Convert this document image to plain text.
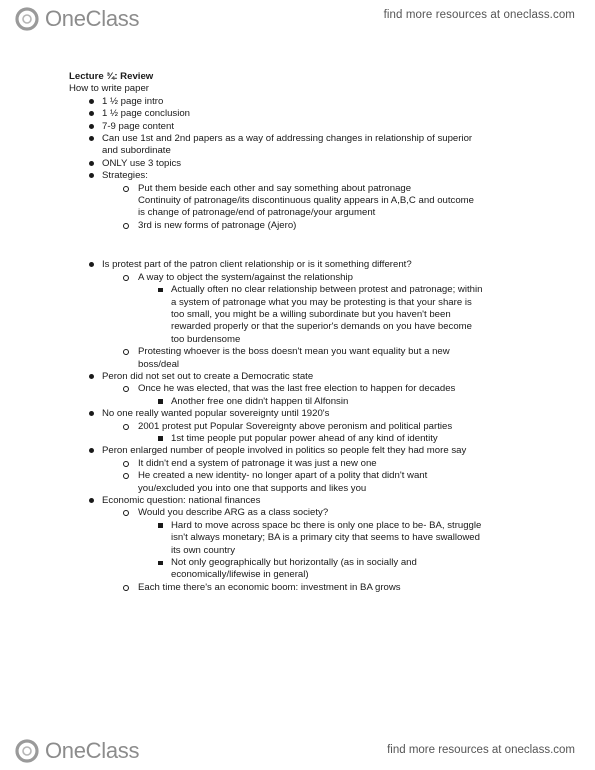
OneClass	find more resources at oneclass.com
Lecture ¾: Review
How to write paper
1 ½ page intro
1 ½ page conclusion
7-9 page content
Can use 1st and 2nd papers as a way of addressing changes in relationship of superior
and subordinate
ONLY use 3 topics
Strategies:
Put them beside each other and say something about patronage
Continuity of patronage/its discontinuous quality appears in A,B,C and outcome
is change of patronage/end of patronage/your argument
3rd is new forms of patronage (Ajero)
Is protest part of the patron client relationship or is it something different?
A way to object the system/against the relationship
Actually often no clear relationship between protest and patronage; within
a system of patronage what you may be protesting is that your share is
too small, you might be a willing subordinate but you haven't been
rewarded properly or that the superior's demands on you have become
too burdensome
Protesting whoever is the boss doesn't mean you want equality but a new
boss/deal
Peron did not set out to create a Democratic state
Once he was elected, that was the last free election to happen for decades
Another free one didn't happen til Alfonsin
No one really wanted popular sovereignty until 1920's
2001 protest put Popular Sovereignty above peronism and political parties
1st time people put popular power ahead of any kind of identity
Peron enlarged number of people involved in politics so people felt they had more say
It didn't end a system of patronage it was just a new one
He created a new identity- no longer apart of a polity that didn't want
you/excluded you into one that supports and likes you
Economic question: national finances
Would you describe ARG as a class society?
Hard to move across space bc there is only one place to be- BA, struggle
isn't always monetary; BA is a primary city that seems to have swallowed
its own country
Not only geographically but horizontally (as in socially and
economically/lifewise in general)
Each time there's an economic boom: investment in BA grows
OneClass	find more resources at oneclass.com
